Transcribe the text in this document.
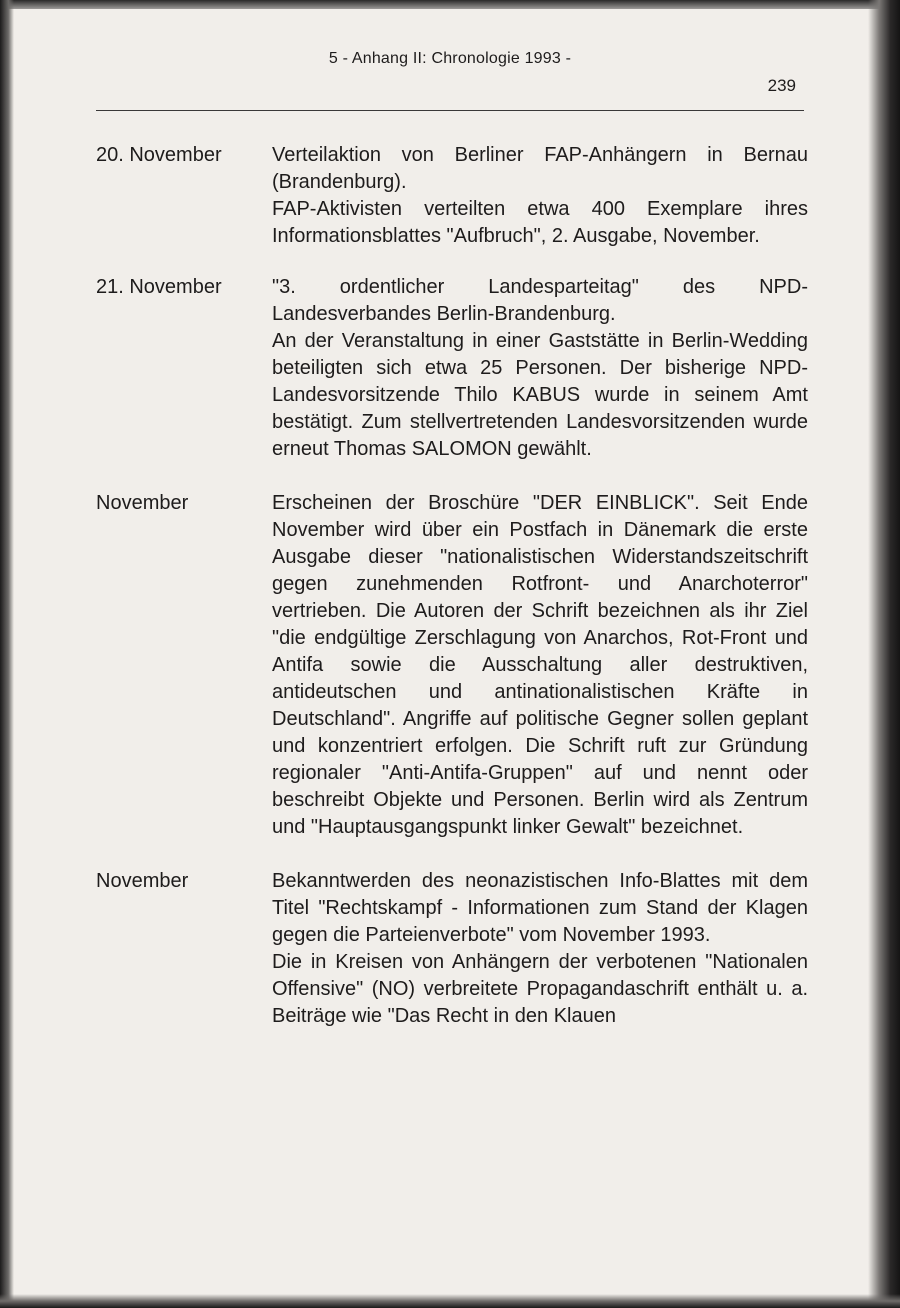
5 - Anhang II: Chronologie 1993 -
239
20. November	Verteilaktion von Berliner FAP-Anhängern in Bernau (Brandenburg).

FAP-Aktivisten verteilten etwa 400 Exemplare ihres Informationsblattes "Aufbruch", 2. Ausgabe, November.

21. November	"3. ordentlicher Landesparteitag" des NPD-Landesverbandes Berlin-Brandenburg.

An der Veranstaltung in einer Gaststätte in Berlin-Wedding beteiligten sich etwa 25 Personen. Der bisherige NPD-Landesvorsitzende Thilo KABUS wurde in seinem Amt bestätigt. Zum stellvertretenden Landesvorsitzenden wurde erneut Thomas SALOMON gewählt.

November	Erscheinen der Broschüre "DER EINBLICK". Seit Ende November wird über ein Postfach in Dänemark die erste Ausgabe dieser "nationalistischen Widerstandszeitschrift gegen zunehmenden Rotfront- und Anarchoterror" vertrieben. Die Autoren der Schrift bezeichnen als ihr Ziel "die endgültige Zerschlagung von Anarchos, Rot-Front und Antifa sowie die Ausschaltung aller destruktiven, antideutschen und antinationalistischen Kräfte in Deutschland". Angriffe auf politische Gegner sollen geplant und konzentriert erfolgen. Die Schrift ruft zur Gründung regionaler "Anti-Antifa-Gruppen" auf und nennt oder beschreibt Objekte und Personen. Berlin wird als Zentrum und "Hauptausgangspunkt linker Gewalt" bezeichnet.

November	Bekanntwerden des neonazistischen Info-Blattes mit dem Titel "Rechtskampf - Informationen zum Stand der Klagen gegen die Parteienverbote" vom November 1993.

Die in Kreisen von Anhängern der verbotenen "Nationalen Offensive" (NO) verbreitete Propagandaschrift enthält u. a. Beiträge wie "Das Recht in den Klauen
